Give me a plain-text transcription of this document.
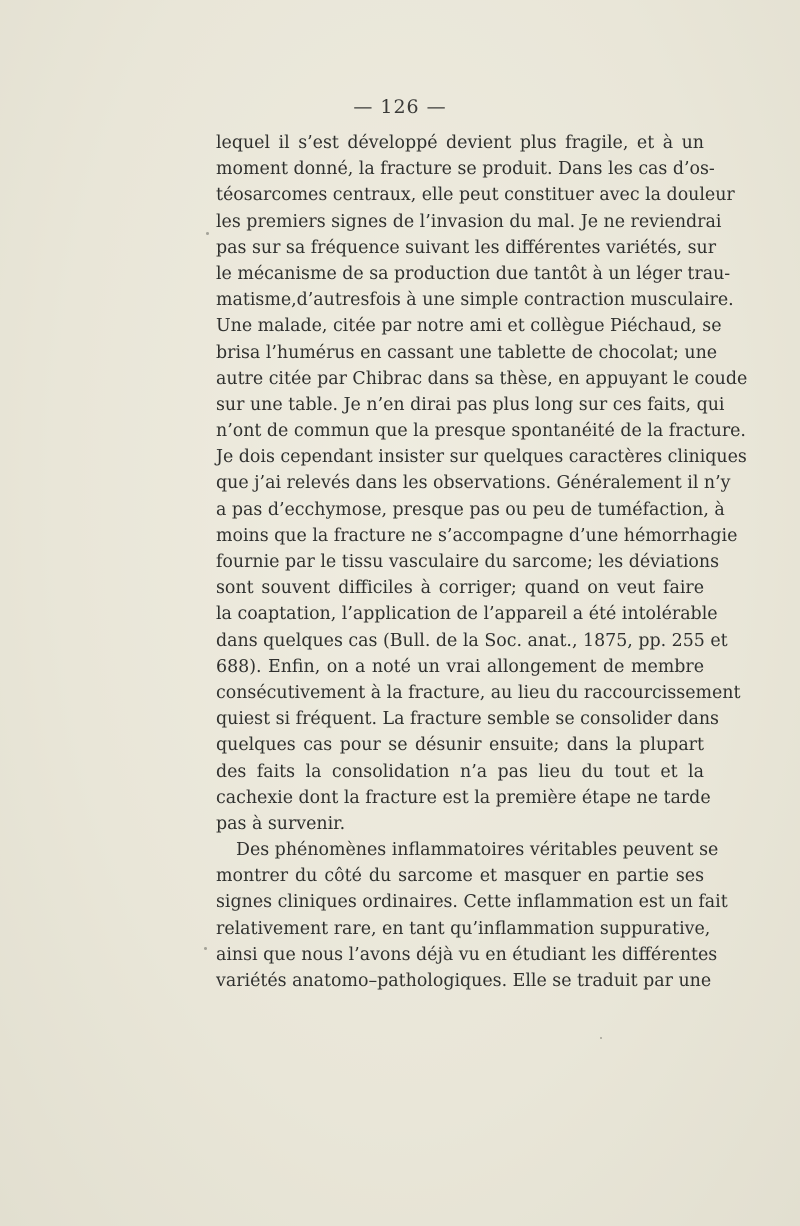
— 126 —
lequel il s’est développé devient plus fragile, et à un
moment donné, la fracture se produit. Dans les cas d’os-
téosarcomes centraux, elle peut constituer avec la douleur
les premiers signes de l’invasion du mal. Je ne reviendrai
pas sur sa fréquence suivant les différentes variétés, sur
le mécanisme de sa production due tantôt à un léger trau-
matisme,d’autresfois à une simple contraction musculaire.
Une malade, citée par notre ami et collègue Piéchaud, se
brisa l’humérus en cassant une tablette de chocolat; une
autre citée par Chibrac dans sa thèse, en appuyant le coude
sur une table. Je n’en dirai pas plus long sur ces faits, qui
n’ont de commun que la presque spontanéité de la fracture.
Je dois cependant insister sur quelques caractères cliniques
que j’ai relevés dans les observations. Généralement il n’y
a pas d’ecchymose, presque pas ou peu de tuméfaction, à
moins que la fracture ne s’accompagne d’une hémorrhagie
fournie par le tissu vasculaire du sarcome; les déviations
sont souvent difficiles à corriger; quand on veut faire
la coaptation, l’application de l’appareil a été intolérable
dans quelques cas (Bull. de la Soc. anat., 1875, pp. 255 et
688). Enfin, on a noté un vrai allongement de membre
consécutivement à la fracture, au lieu du raccourcissement
quiest si fréquent. La fracture semble se consolider dans
quelques cas pour se désunir ensuite; dans la plupart
des faits la consolidation n’a pas lieu du tout et la
cachexie dont la fracture est la première étape ne tarde
pas à survenir.
Des phénomènes inflammatoires véritables peuvent se
montrer du côté du sarcome et masquer en partie ses
signes cliniques ordinaires. Cette inflammation est un fait
relativement rare, en tant qu’inflammation suppurative,
ainsi que nous l’avons déjà vu en étudiant les différentes
variétés anatomo–pathologiques. Elle se traduit par une
